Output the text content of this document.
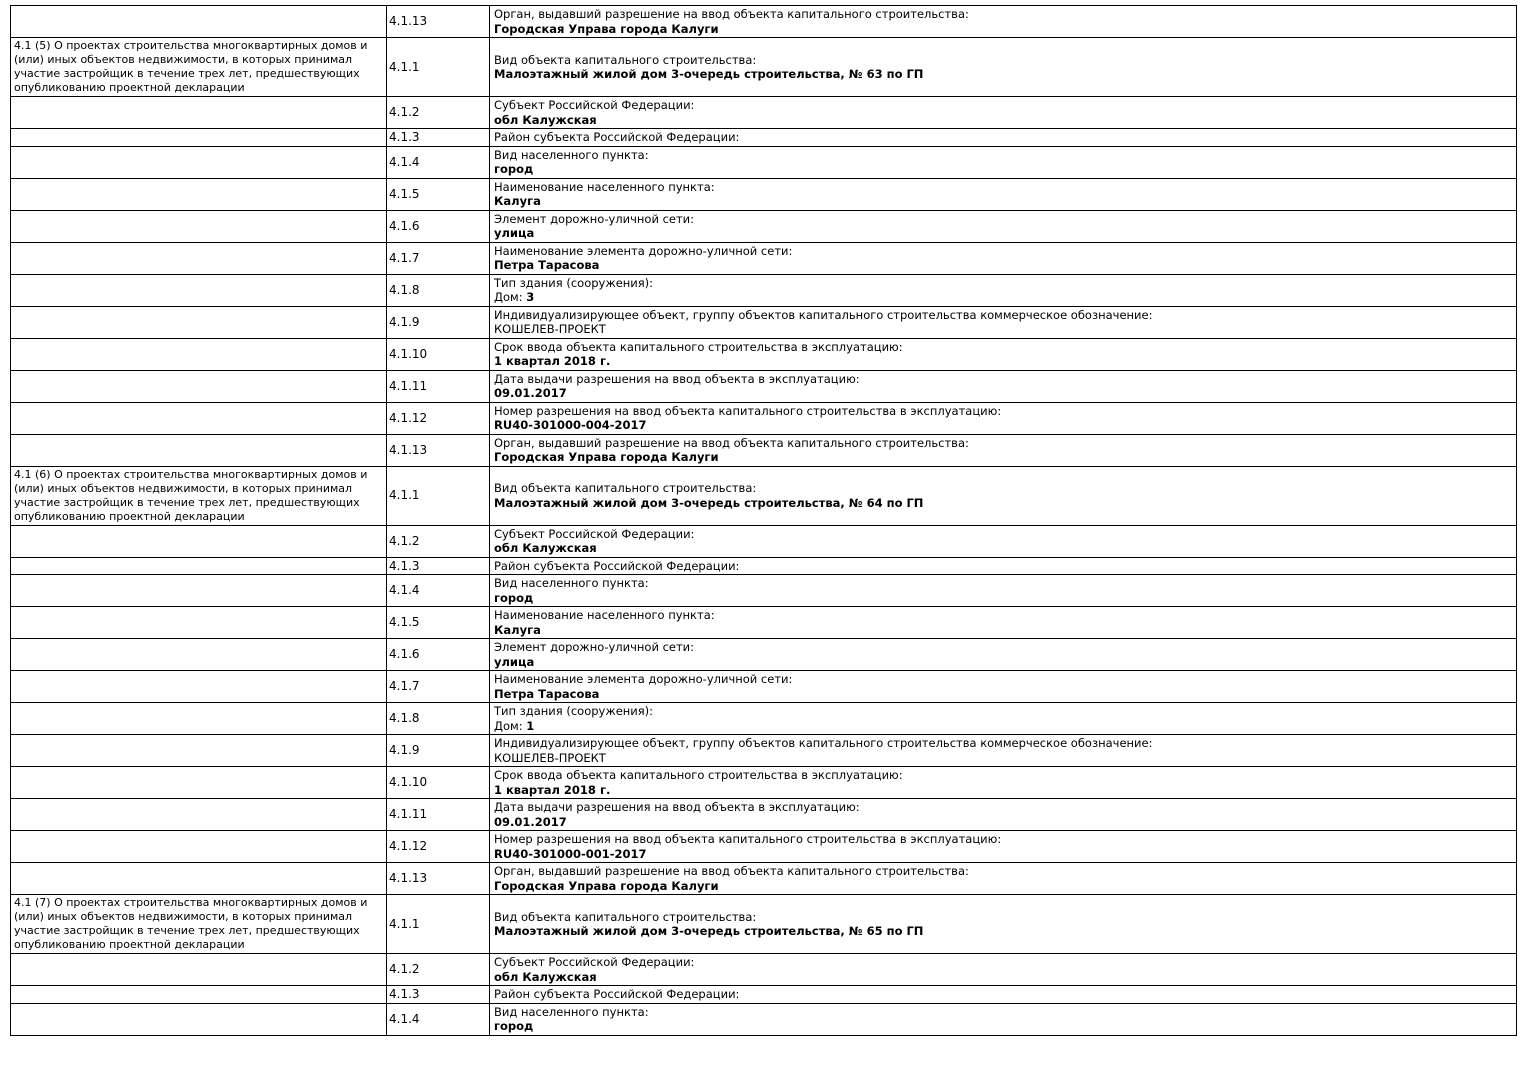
	4.1.13	Орган, выдавший разрешение на ввод объекта капитального строительства:
Городская Управа города Калуги

4.1 (5) О проектах строительства многоквартирных домов и (или) иных объектов недвижимости, в которых принимал участие застройщик в течение трех лет, предшествующих опубликованию проектной декларации	4.1.1	Вид объекта капитального строительства:
Малоэтажный жилой дом 3-очередь строительства, № 63 по ГП

	4.1.2	Субъект Российской Федерации:
обл Калужская

	4.1.3	Район субъекта Российской Федерации:

	4.1.4	Вид населенного пункта:
город

	4.1.5	Наименование населенного пункта:
Калуга

	4.1.6	Элемент дорожно-уличной сети:
улица

	4.1.7	Наименование элемента дорожно-уличной сети:
Петра Тарасова

	4.1.8	Тип здания (сооружения):
Дом: 3

	4.1.9	Индивидуализирующее объект, группу объектов капитального строительства коммерческое обозначение:
КОШЕЛЕВ-ПРОЕКТ

	4.1.10	Срок ввода объекта капитального строительства в эксплуатацию:
1 квартал 2018 г.

	4.1.11	Дата выдачи разрешения на ввод объекта в эксплуатацию:
09.01.2017

	4.1.12	Номер разрешения на ввод объекта капитального строительства в эксплуатацию:
RU40-301000-004-2017

	4.1.13	Орган, выдавший разрешение на ввод объекта капитального строительства:
Городская Управа города Калуги

4.1 (6) О проектах строительства многоквартирных домов и (или) иных объектов недвижимости, в которых принимал участие застройщик в течение трех лет, предшествующих опубликованию проектной декларации	4.1.1	Вид объекта капитального строительства:
Малоэтажный жилой дом 3-очередь строительства, № 64 по ГП

	4.1.2	Субъект Российской Федерации:
обл Калужская

	4.1.3	Район субъекта Российской Федерации:

	4.1.4	Вид населенного пункта:
город

	4.1.5	Наименование населенного пункта:
Калуга

	4.1.6	Элемент дорожно-уличной сети:
улица

	4.1.7	Наименование элемента дорожно-уличной сети:
Петра Тарасова

	4.1.8	Тип здания (сооружения):
Дом: 1

	4.1.9	Индивидуализирующее объект, группу объектов капитального строительства коммерческое обозначение:
КОШЕЛЕВ-ПРОЕКТ

	4.1.10	Срок ввода объекта капитального строительства в эксплуатацию:
1 квартал 2018 г.

	4.1.11	Дата выдачи разрешения на ввод объекта в эксплуатацию:
09.01.2017

	4.1.12	Номер разрешения на ввод объекта капитального строительства в эксплуатацию:
RU40-301000-001-2017

	4.1.13	Орган, выдавший разрешение на ввод объекта капитального строительства:
Городская Управа города Калуги

4.1 (7) О проектах строительства многоквартирных домов и (или) иных объектов недвижимости, в которых принимал участие застройщик в течение трех лет, предшествующих опубликованию проектной декларации	4.1.1	Вид объекта капитального строительства:
Малоэтажный жилой дом 3-очередь строительства, № 65 по ГП

	4.1.2	Субъект Российской Федерации:
обл Калужская

	4.1.3	Район субъекта Российской Федерации:

	4.1.4	Вид населенного пункта:
город
